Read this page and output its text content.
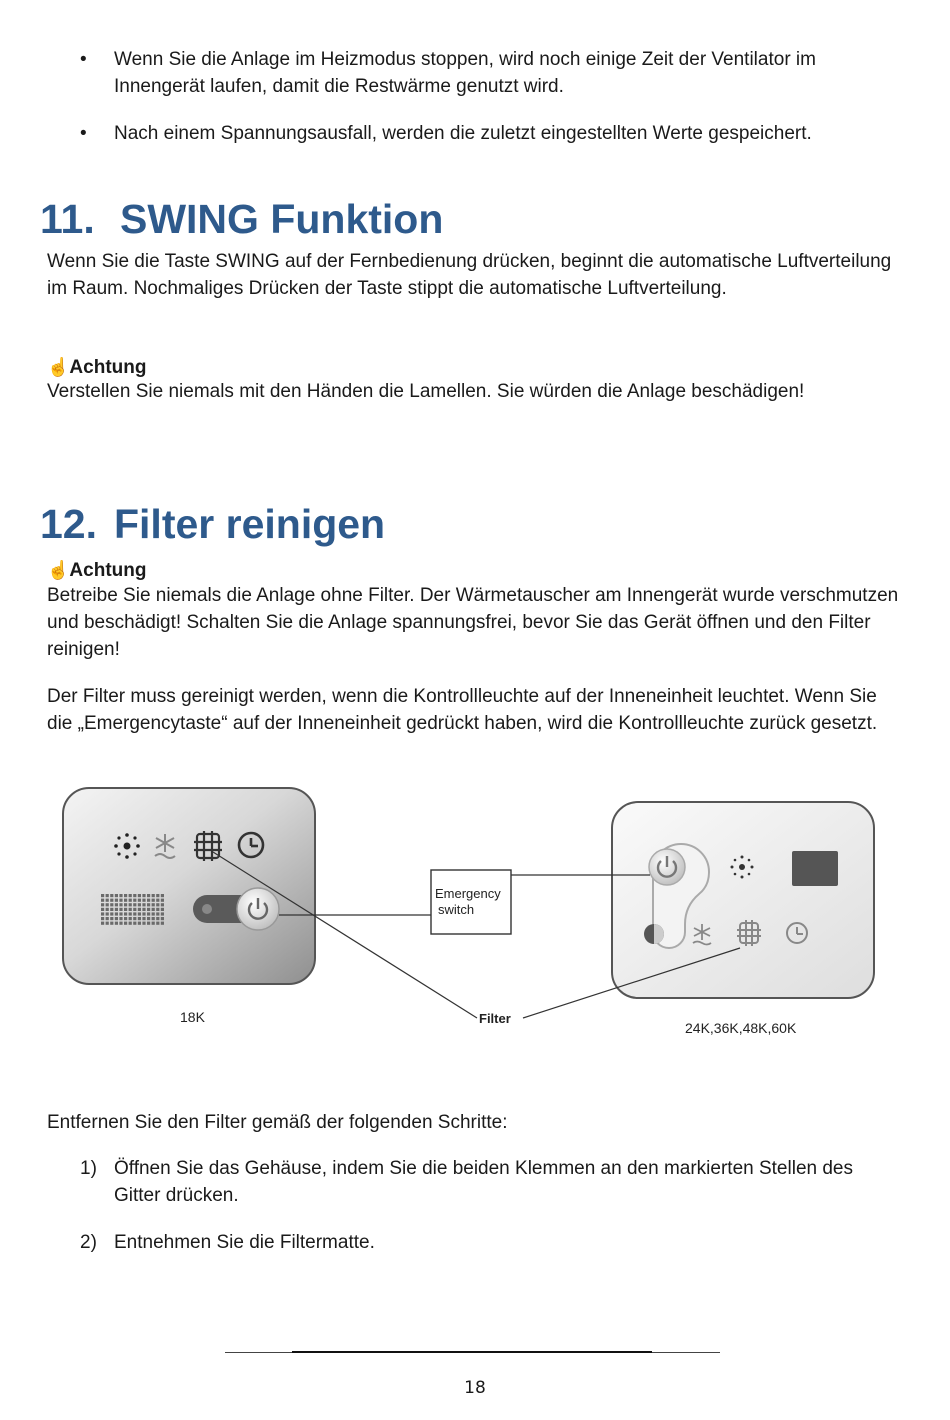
• Wenn Sie die Anlage im Heizmodus stoppen, wird noch einige Zeit der Ventilator im Innengerät laufen, damit die Restwärme genutzt wird.
• Nach einem Spannungsausfall, werden die zuletzt eingestellten Werte gespeichert.
11. SWING Funktion

Wenn Sie die Taste SWING auf der Fernbedienung drücken, beginnt die automatische Luftverteilung im Raum. Nochmaliges Drücken der Taste stippt die automatische Luftverteilung.

☝Achtung

Verstellen Sie niemals mit den Händen die Lamellen. Sie würden die Anlage beschädigen!

12. Filter reinigen
☝Achtung

Betreibe Sie niemals die Anlage ohne Filter. Der Wärmetauscher am Innengerät wurde verschmutzen und beschädigt! Schalten Sie die Anlage spannungsfrei, bevor Sie das Gerät öffnen und den Filter reinigen!

Der Filter muss gereinigt werden, wenn die Kontrollleuchte auf der Inneneinheit leuchtet. Wenn Sie die „Emergencytaste“ auf der Inneneinheit gedrückt haben, wird die Kontrollleuchte zurück gesetzt.

Emergency
switch
18K	Filter
24K,36K,48K,60K

Entfernen Sie den Filter gemäß der folgenden Schritte:

1) Öffnen Sie das Gehäuse, indem Sie die beiden Klemmen an den markierten Stellen des Gitter drücken.
2) Entnehmen Sie die Filtermatte.
18
